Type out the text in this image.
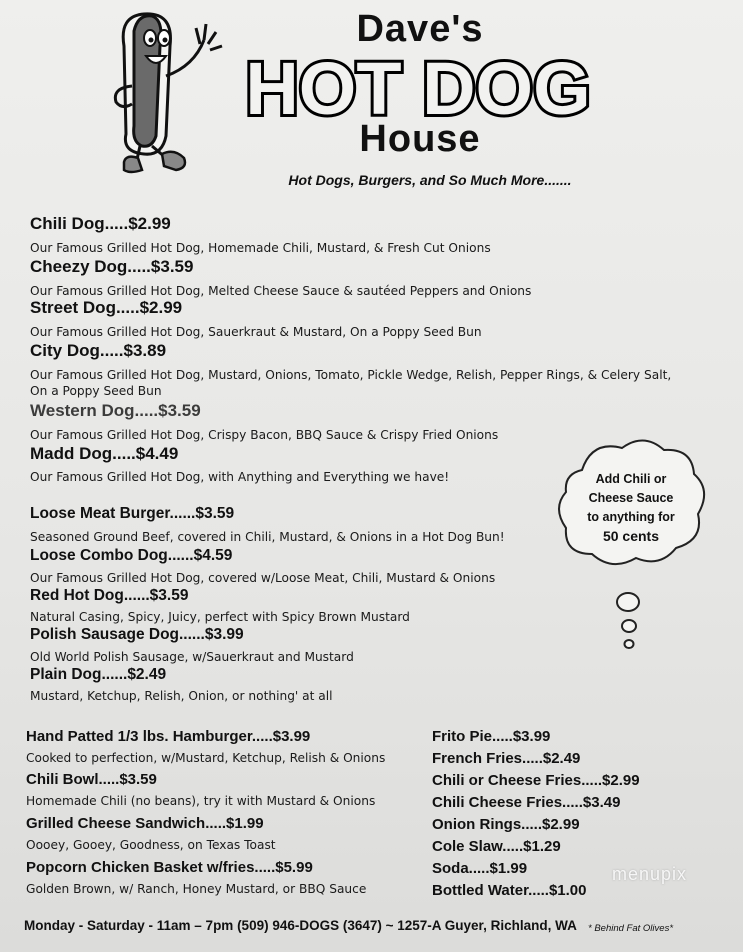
Dave's
HOT DOG
House
Hot Dogs, Burgers, and So Much More.......
Chili Dog.....$2.99
Our Famous Grilled Hot Dog, Homemade Chili, Mustard, & Fresh Cut Onions
Cheezy Dog.....$3.59
Our Famous Grilled Hot Dog, Melted Cheese Sauce & sautéed Peppers and Onions
Street Dog.....$2.99
Our Famous Grilled Hot Dog, Sauerkraut & Mustard, On a Poppy Seed Bun
City Dog.....$3.89
Our Famous Grilled Hot Dog, Mustard, Onions, Tomato, Pickle Wedge, Relish, Pepper Rings, & Celery Salt,
On a Poppy Seed Bun
Western Dog.....$3.59
Our Famous Grilled Hot Dog, Crispy Bacon, BBQ Sauce & Crispy Fried Onions
Madd Dog.....$4.49
Our Famous Grilled Hot Dog, with Anything and Everything we have!
Loose Meat Burger......$3.59
Seasoned Ground Beef, covered in Chili, Mustard, & Onions in a Hot Dog Bun!
Loose Combo Dog......$4.59
Our Famous Grilled Hot Dog, covered w/Loose Meat, Chili, Mustard & Onions
Red Hot Dog......$3.59
Natural Casing, Spicy, Juicy, perfect with Spicy Brown Mustard
Polish Sausage Dog......$3.99
Old World Polish Sausage, w/Sauerkraut and Mustard
Plain Dog......$2.49
Mustard, Ketchup, Relish, Onion, or nothing' at all
Add Chili or
Cheese Sauce
to anything for
50 cents
Hand Patted 1/3 lbs. Hamburger.....$3.99
Cooked to perfection, w/Mustard, Ketchup, Relish & Onions
Chili Bowl.....$3.59
Homemade Chili (no beans), try it with Mustard & Onions
Grilled Cheese Sandwich.....$1.99
Oooey, Gooey, Goodness, on Texas Toast
Popcorn Chicken Basket w/fries.....$5.99
Golden Brown, w/ Ranch, Honey Mustard, or BBQ Sauce
Frito Pie.....$3.99
French Fries.....$2.49
Chili or Cheese Fries.....$2.99
Chili Cheese Fries.....$3.49
Onion Rings.....$2.99
Cole Slaw.....$1.29
Soda.....$1.99
Bottled Water.....$1.00
menupix
Monday - Saturday - 11am – 7pm (509) 946-DOGS (3647) ~ 1257-A Guyer, Richland, WA * Behind Fat Olives*
